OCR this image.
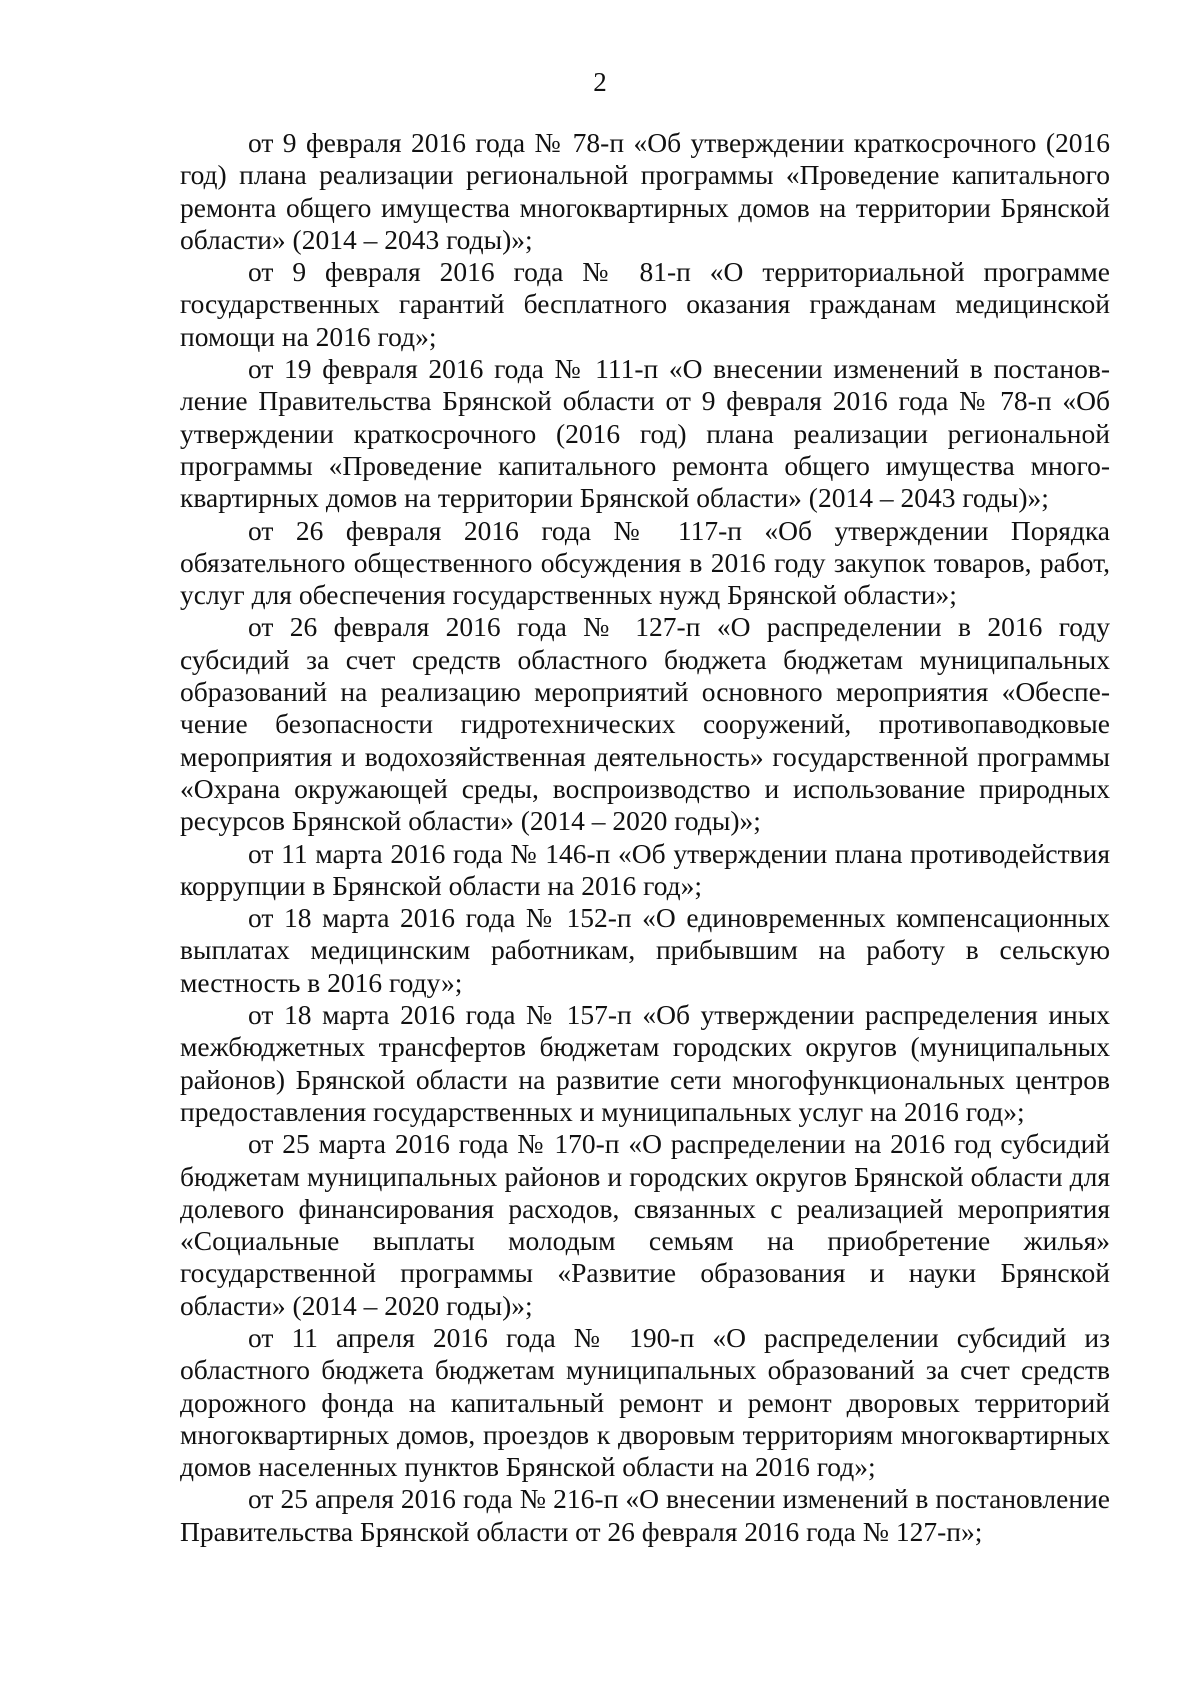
2

от 9 февраля 2016 года № 78-п «Об утверждении краткосрочного (2016 год) плана реализации региональной программы «Проведение капитального ремонта общего имущества многоквартирных домов на территории Брянской области» (2014 – 2043 годы)»;

от 9 февраля 2016 года № 81-п «О территориальной программе государственных гарантий бесплатного оказания гражданам медицинской помощи на 2016 год»;

от 19 февраля 2016 года № 111-п «О внесении изменений в постановление Правительства Брянской области от 9 февраля 2016 года № 78-п «Об утверждении краткосрочного (2016 год) плана реализации региональной программы «Проведение капитального ремонта общего имущества многоквартирных домов на территории Брянской области» (2014 – 2043 годы)»;

от 26 февраля 2016 года № 117-п «Об утверждении Порядка обязательного общественного обсуждения в 2016 году закупок товаров, работ, услуг для обеспечения государственных нужд Брянской области»;

от 26 февраля 2016 года № 127-п «О распределении в 2016 году субсидий за счет средств областного бюджета бюджетам муниципальных образований на реализацию мероприятий основного мероприятия «Обеспечение безопасности гидротехнических сооружений, противопаводковые мероприятия и водохозяйственная деятельность» государственной программы «Охрана окружающей среды, воспроизводство и использование природных ресурсов Брянской области» (2014 – 2020 годы)»;

от 11 марта 2016 года № 146-п «Об утверждении плана противодействия коррупции в Брянской области на 2016 год»;

от 18 марта 2016 года № 152-п «О единовременных компенсационных выплатах медицинским работникам, прибывшим на работу в сельскую местность в 2016 году»;

от 18 марта 2016 года № 157-п «Об утверждении распределения иных межбюджетных трансфертов бюджетам городских округов (муниципальных районов) Брянской области на развитие сети многофункциональных центров предоставления государственных и муниципальных услуг на 2016 год»;

от 25 марта 2016 года № 170-п «О распределении на 2016 год субсидий бюджетам муниципальных районов и городских округов Брянской области для долевого финансирования расходов, связанных с реализацией мероприятия «Социальные выплаты молодым семьям на приобретение жилья» государственной программы «Развитие образования и науки Брянской области» (2014 – 2020 годы)»;

от 11 апреля 2016 года № 190-п «О распределении субсидий из областного бюджета бюджетам муниципальных образований за счет средств дорожного фонда на капитальный ремонт и ремонт дворовых территорий многоквартирных домов, проездов к дворовым территориям многоквартирных домов населенных пунктов Брянской области на 2016 год»;

от 25 апреля 2016 года № 216-п «О внесении изменений в постановление Правительства Брянской области от 26 февраля 2016 года № 127-п»;
